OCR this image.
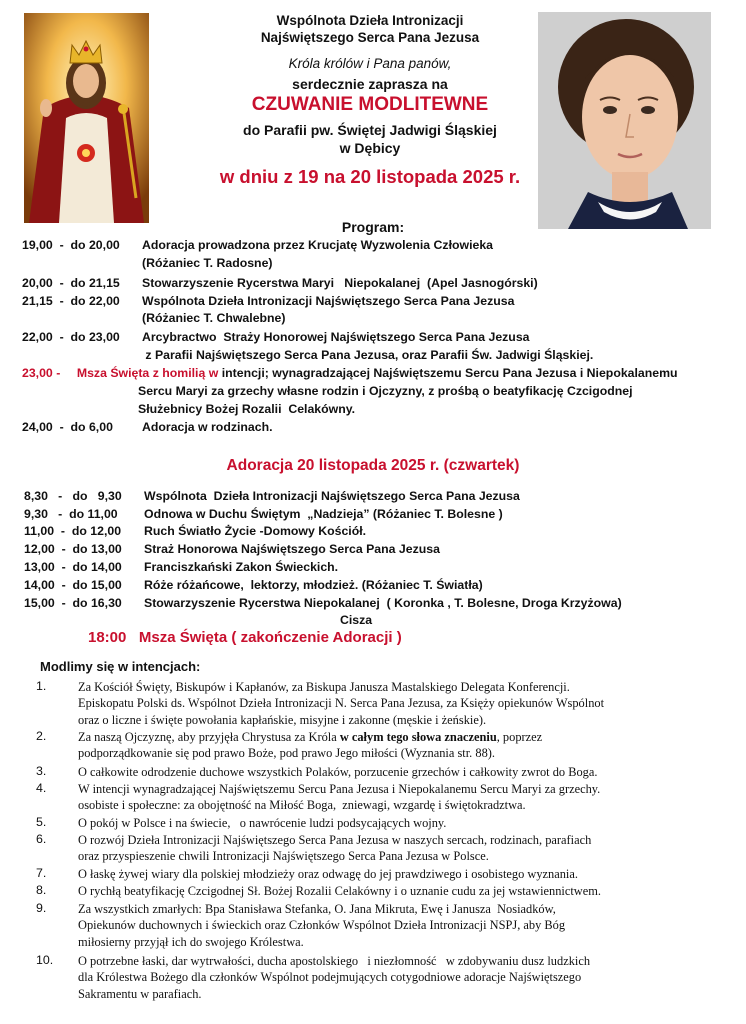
Wspólnota Dzieła Intronizacji
Najświętszego Serca Pana Jezusa
Króla królów i Pana panów,
serdecznie zaprasza na
CZUWANIE MODLITEWNE
do Parafii pw. Świętej Jadwigi Śląskiej
w Dębicy
w dniu z 19 na 20 listopada 2025 r.
Program:
19,00  -  do 20,00 Adoracja prowadzona przez Krucjatę Wyzwolenia Człowieka
(Różaniec T. Radosne)
20,00  -  do 21,15 Stowarzyszenie Rycerstwa Maryi   Niepokalanej  (Apel Jasnogórski)
21,15  -  do 22,00 Wspólnota Dzieła Intronizacji Najświętszego Serca Pana Jezusa
(Różaniec T. Chwalebne)
22,00  -  do 23,00 Arcybractwo  Straży Honorowej Najświętszego Serca Pana Jezusa
z Parafii Najświętszego Serca Pana Jezusa, oraz Parafii Św. Jadwigi Śląskiej.
23,00 - Msza Święta z homilią w intencji; wynagradzającej Najświętszemu Sercu Pana Jezusa i Niepokalanemu
Sercu Maryi za grzechy własne rodzin i Ojczyzny, z prośbą o beatyfikację Czcigodnej
Służebnicy Bożej Rozalii  Celakówny.
24,00  -  do 6,00 Adoracja w rodzinach.
Adoracja 20 listopada 2025 r. (czwartek)
8,30   -   do   9,30 Wspólnota  Dzieła Intronizacji Najświętszego Serca Pana Jezusa
9,30   -  do 11,00 Odnowa w Duchu Świętym  „Nadzieja” (Różaniec T. Bolesne )
11,00  -  do 12,00 Ruch Światło Życie -Domowy Kościół.
12,00  -  do 13,00 Straż Honorowa Najświętszego Serca Pana Jezusa
13,00  -  do 14,00 Franciszkański Zakon Świeckich.
14,00  -  do 15,00 Róże różańcowe,  lektorzy, młodzież. (Różaniec T. Światła)
15,00  -  do 16,30 Stowarzyszenie Rycerstwa Niepokalanej  ( Koronka , T. Bolesne, Droga Krzyżowa)
Cisza
18:00   Msza Święta ( zakończenie Adoracji )
Modlimy się w intencjach:
1.	Za Kościół Święty, Biskupów i Kapłanów, za Biskupa Janusza Mastalskiego Delegata Konferencji.
Episkopatu Polski ds. Wspólnot Dzieła Intronizacji N. Serca Pana Jezusa, za Księży opiekunów Wspólnot
oraz o liczne i święte powołania kapłańskie, misyjne i zakonne (męskie i żeńskie).
2.	Za naszą Ojczyznę, aby przyjęła Chrystusa za Króla w całym tego słowa znaczeniu, poprzez
podporządkowanie się pod prawo Boże, pod prawo Jego miłości (Wyznania str. 88).
3.	O całkowite odrodzenie duchowe wszystkich Polaków, porzucenie grzechów i całkowity zwrot do Boga.
4.	W intencji wynagradzającej Najświętszemu Sercu Pana Jezusa i Niepokalanemu Sercu Maryi za grzechy.
osobiste i społeczne: za obojętność na Miłość Boga,  zniewagi, wzgardę i świętokradztwa.
5.	O pokój w Polsce i na świecie,   o nawrócenie ludzi podsycających wojny.
6.	O rozwój Dzieła Intronizacji Najświętszego Serca Pana Jezusa w naszych sercach, rodzinach, parafiach
oraz przyspieszenie chwili Intronizacji Najświętszego Serca Pana Jezusa w Polsce.
7.	O łaskę żywej wiary dla polskiej młodzieży oraz odwagę do jej prawdziwego i osobistego wyznania.
8.	O rychłą beatyfikację Czcigodnej Sł. Bożej Rozalii Celakówny i o uznanie cudu za jej wstawiennictwem.
9.	Za wszystkich zmarłych: Bpa Stanisława Stefanka, O. Jana Mikruta, Ewę i Janusza  Nosiadków,
Opiekunów duchownych i świeckich oraz Członków Wspólnot Dzieła Intronizacji NSPJ, aby Bóg
miłosierny przyjął ich do swojego Królestwa.
10. O potrzebne łaski, dar wytrwałości, ducha apostolskiego   i niezłomność   w zdobywaniu dusz ludzkich
dla Królestwa Bożego dla członków Wspólnot podejmujących cotygodniowe adoracje Najświętszego
Sakramentu w parafiach.
